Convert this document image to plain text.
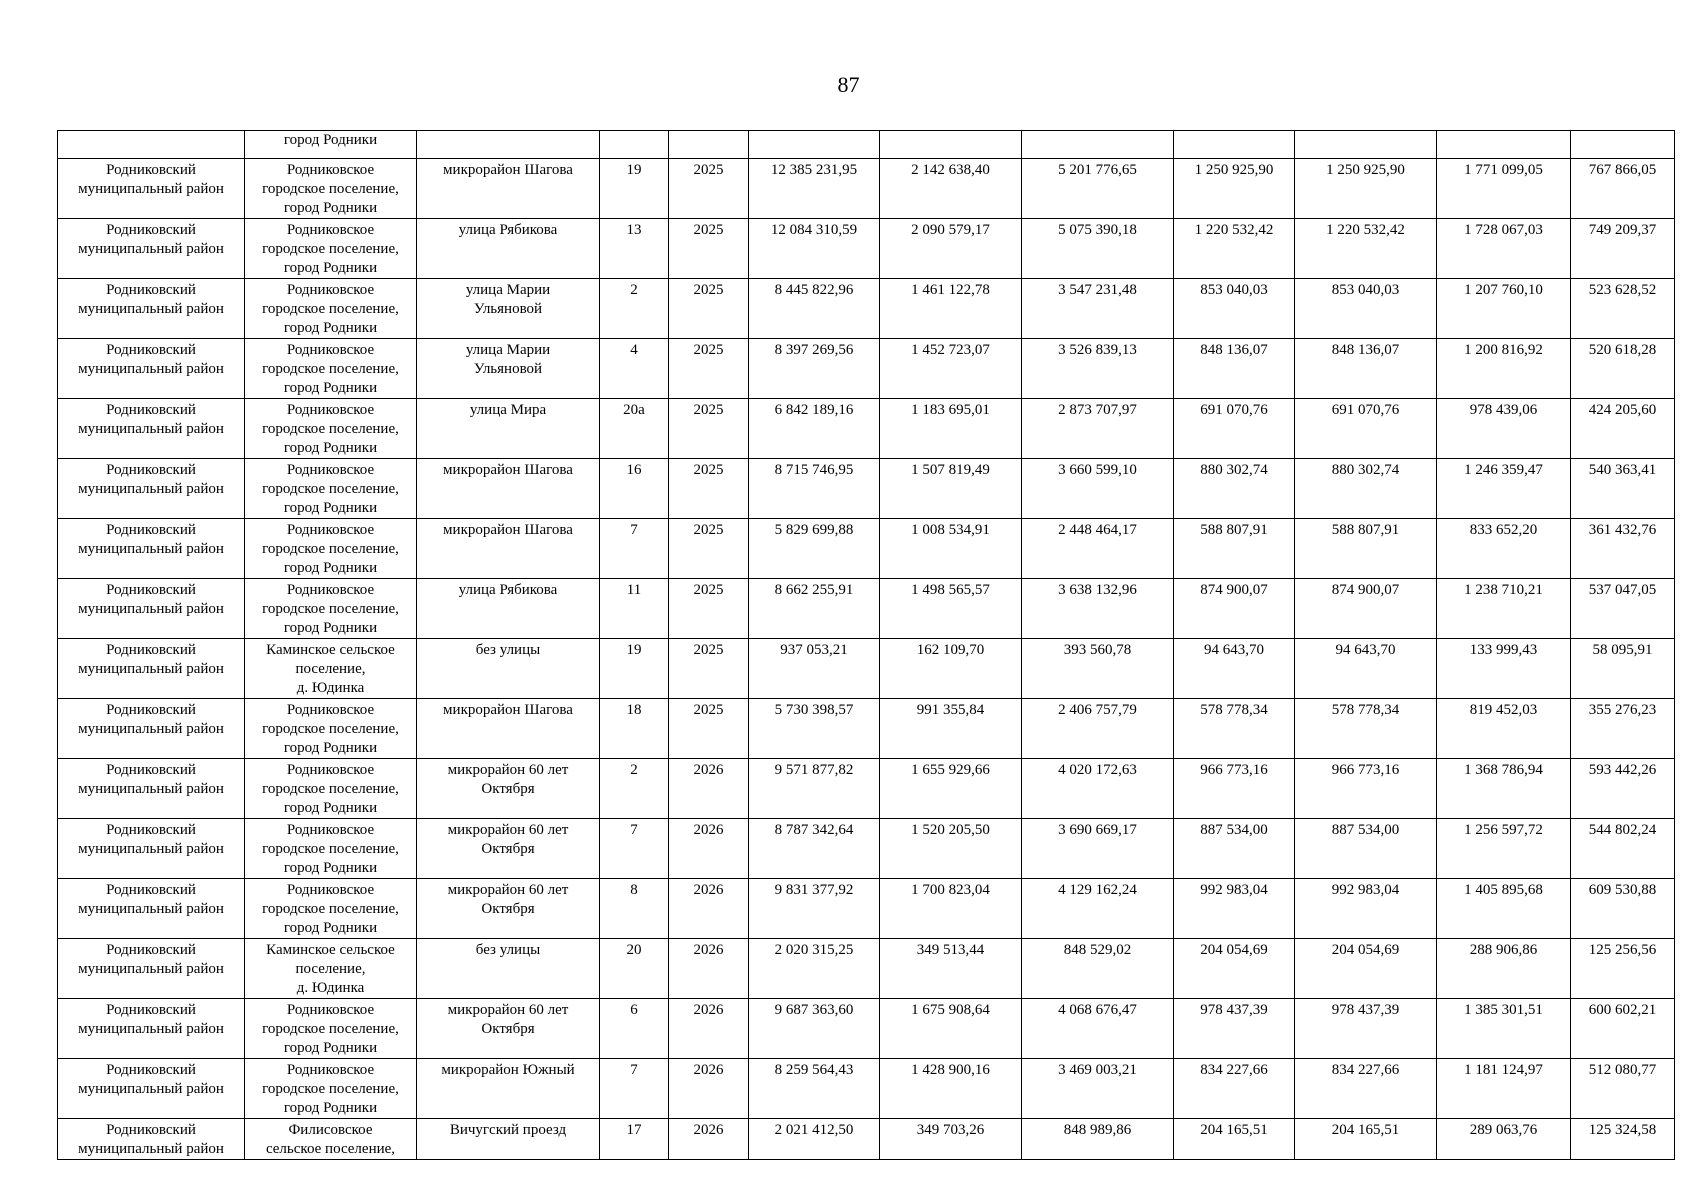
87
	город Родники										
Родниковский
муниципальный район	Родниковское
городское поселение,
город Родники	микрорайон Шагова	19	2025	12 385 231,95	2 142 638,40	5 201 776,65	1 250 925,90	1 250 925,90	1 771 099,05	767 866,05
Родниковский
муниципальный район	Родниковское
городское поселение,
город Родники	улица Рябикова	13	2025	12 084 310,59	2 090 579,17	5 075 390,18	1 220 532,42	1 220 532,42	1 728 067,03	749 209,37
Родниковский
муниципальный район	Родниковское
городское поселение,
город Родники	улица Марии
Ульяновой	2	2025	8 445 822,96	1 461 122,78	3 547 231,48	853 040,03	853 040,03	1 207 760,10	523 628,52
Родниковский
муниципальный район	Родниковское
городское поселение,
город Родники	улица Марии
Ульяновой	4	2025	8 397 269,56	1 452 723,07	3 526 839,13	848 136,07	848 136,07	1 200 816,92	520 618,28
Родниковский
муниципальный район	Родниковское
городское поселение,
город Родники	улица Мира	20а	2025	6 842 189,16	1 183 695,01	2 873 707,97	691 070,76	691 070,76	978 439,06	424 205,60
Родниковский
муниципальный район	Родниковское
городское поселение,
город Родники	микрорайон Шагова	16	2025	8 715 746,95	1 507 819,49	3 660 599,10	880 302,74	880 302,74	1 246 359,47	540 363,41
Родниковский
муниципальный район	Родниковское
городское поселение,
город Родники	микрорайон Шагова	7	2025	5 829 699,88	1 008 534,91	2 448 464,17	588 807,91	588 807,91	833 652,20	361 432,76
Родниковский
муниципальный район	Родниковское
городское поселение,
город Родники	улица Рябикова	11	2025	8 662 255,91	1 498 565,57	3 638 132,96	874 900,07	874 900,07	1 238 710,21	537 047,05
Родниковский
муниципальный район	Каминское сельское
поселение,
д. Юдинка	без улицы	19	2025	937 053,21	162 109,70	393 560,78	94 643,70	94 643,70	133 999,43	58 095,91
Родниковский
муниципальный район	Родниковское
городское поселение,
город Родники	микрорайон Шагова	18	2025	5 730 398,57	991 355,84	2 406 757,79	578 778,34	578 778,34	819 452,03	355 276,23
Родниковский
муниципальный район	Родниковское
городское поселение,
город Родники	микрорайон 60 лет
Октября	2	2026	9 571 877,82	1 655 929,66	4 020 172,63	966 773,16	966 773,16	1 368 786,94	593 442,26
Родниковский
муниципальный район	Родниковское
городское поселение,
город Родники	микрорайон 60 лет
Октября	7	2026	8 787 342,64	1 520 205,50	3 690 669,17	887 534,00	887 534,00	1 256 597,72	544 802,24
Родниковский
муниципальный район	Родниковское
городское поселение,
город Родники	микрорайон 60 лет
Октября	8	2026	9 831 377,92	1 700 823,04	4 129 162,24	992 983,04	992 983,04	1 405 895,68	609 530,88
Родниковский
муниципальный район	Каминское сельское
поселение,
д. Юдинка	без улицы	20	2026	2 020 315,25	349 513,44	848 529,02	204 054,69	204 054,69	288 906,86	125 256,56
Родниковский
муниципальный район	Родниковское
городское поселение,
город Родники	микрорайон 60 лет
Октября	6	2026	9 687 363,60	1 675 908,64	4 068 676,47	978 437,39	978 437,39	1 385 301,51	600 602,21
Родниковский
муниципальный район	Родниковское
городское поселение,
город Родники	микрорайон Южный	7	2026	8 259 564,43	1 428 900,16	3 469 003,21	834 227,66	834 227,66	1 181 124,97	512 080,77
Родниковский
муниципальный район	Филисовское
сельское поселение,	Вичугский проезд	17	2026	2 021 412,50	349 703,26	848 989,86	204 165,51	204 165,51	289 063,76	125 324,58
